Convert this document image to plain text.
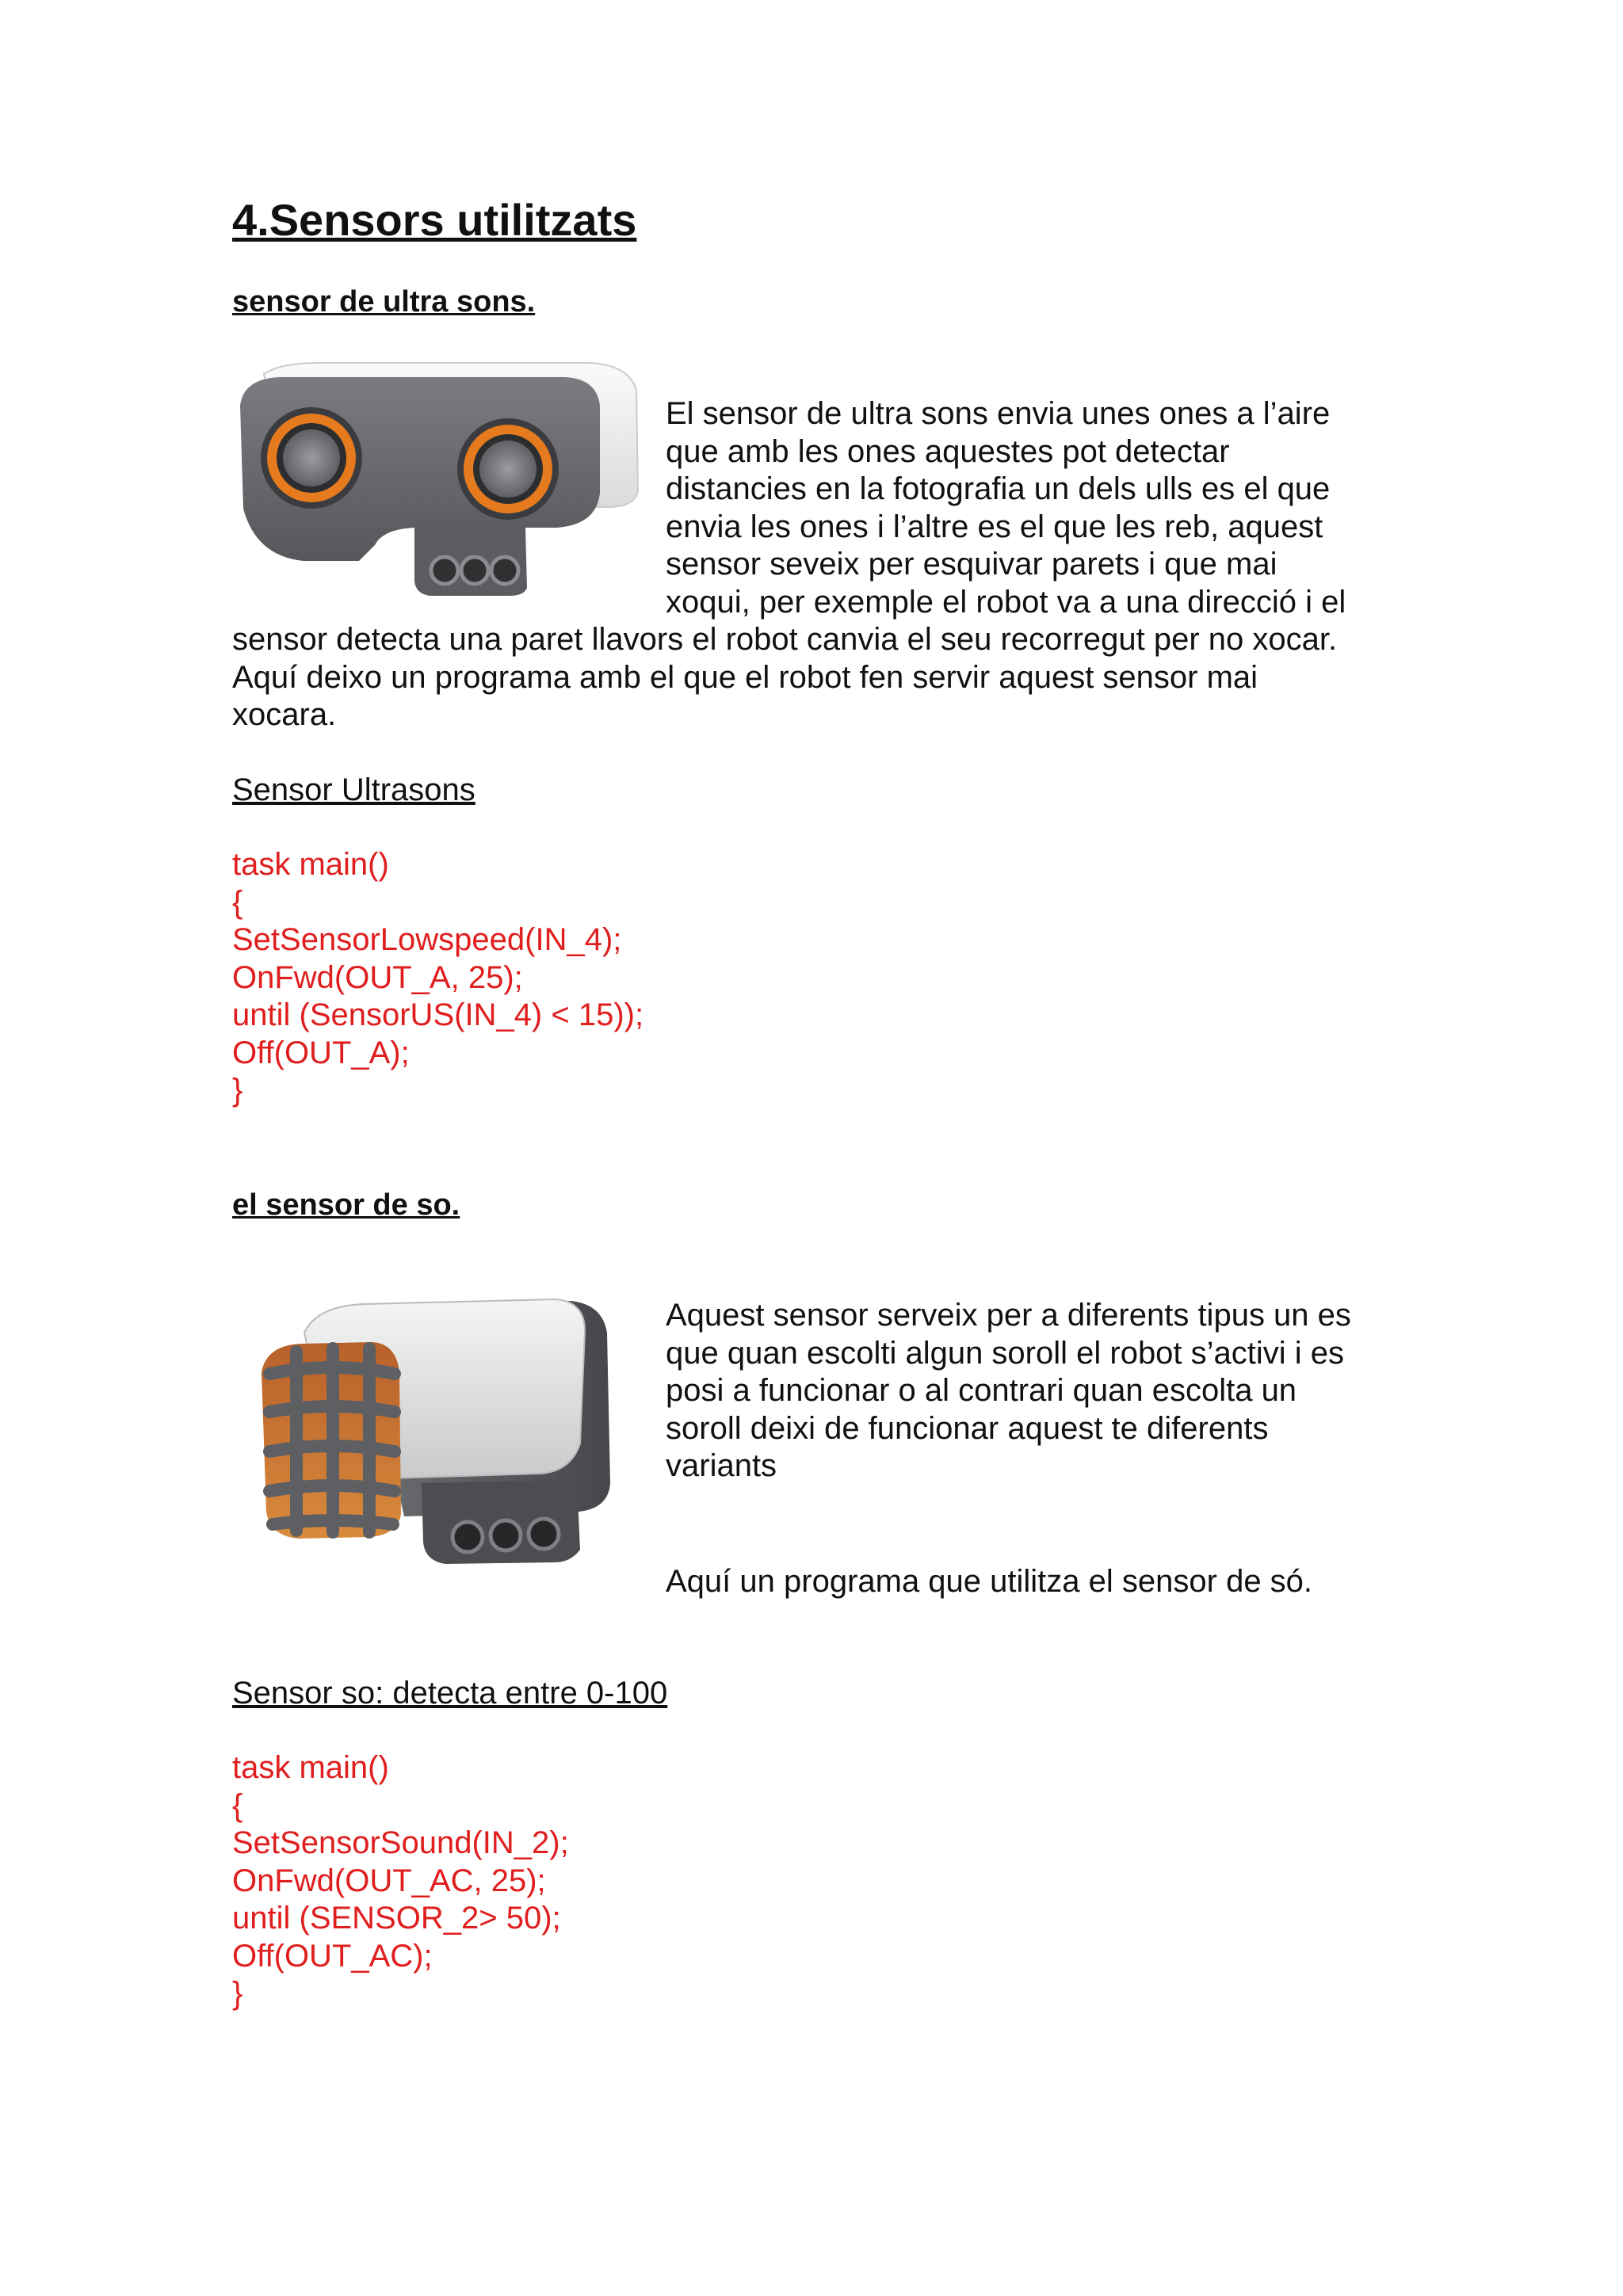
4.Sensors utilitzats
sensor de ultra sons.
El sensor de ultra sons envia unes ones a l’aire
que amb les ones aquestes pot detectar
distancies en la fotografia un dels ulls es el que
envia les ones i l’altre es el que les reb, aquest
sensor seveix per esquivar parets i que mai
xoqui, per exemple el robot va a una direcció i el
sensor detecta una paret llavors el robot canvia el seu recorregut per no xocar.
Aquí deixo un programa amb el que el robot fen servir aquest sensor mai
xocara.
Sensor Ultrasons
task main()
{
SetSensorLowspeed(IN_4);
OnFwd(OUT_A, 25);
until (SensorUS(IN_4) < 15));
Off(OUT_A);
}
el sensor de so.
Aquest sensor serveix per a diferents tipus un es
que quan escolti algun soroll el robot s’activi i es
posi a funcionar o al contrari quan escolta un
soroll deixi de funcionar aquest te diferents
variants
Aquí un programa que utilitza el sensor de só.
Sensor so: detecta entre 0-100
task main()
{
SetSensorSound(IN_2);
OnFwd(OUT_AC, 25);
until (SENSOR_2> 50);
Off(OUT_AC);
}
